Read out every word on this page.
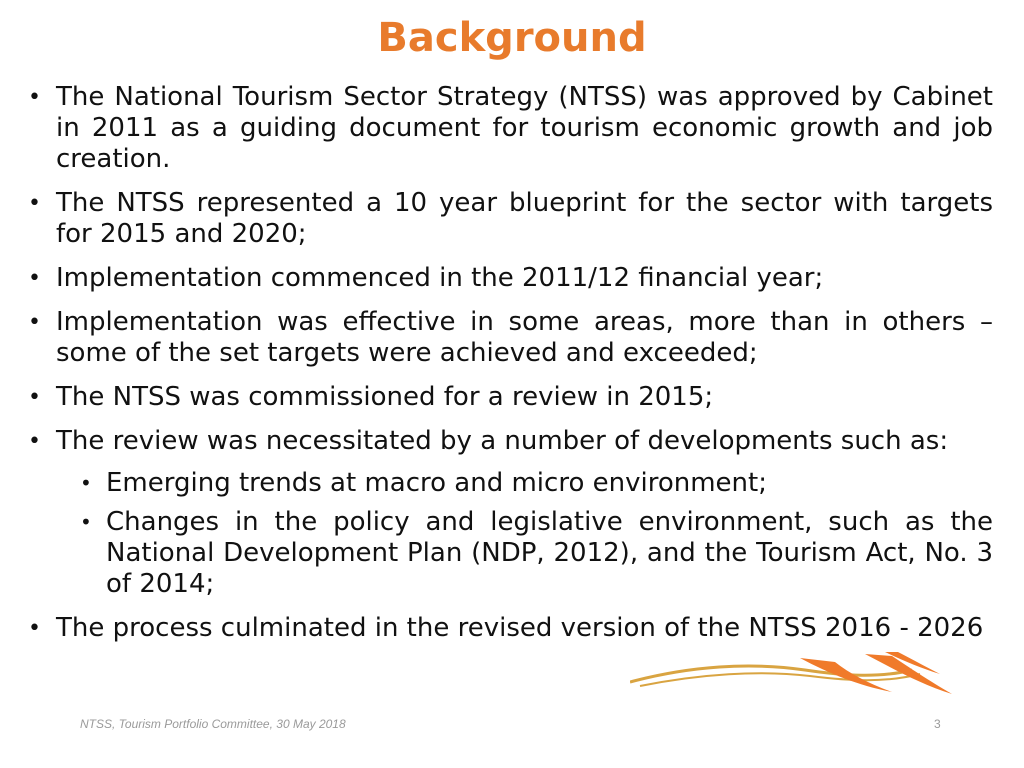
Background
• The National Tourism Sector Strategy (NTSS) was approved by Cabinet in 2011 as a guiding document for tourism economic growth and job creation.
• The NTSS represented a 10 year blueprint for the sector with targets for 2015 and 2020;
• Implementation commenced in the 2011/12 financial year;
• Implementation was effective in some areas, more than in others – some of the set targets were achieved and exceeded;
• The NTSS was commissioned for a review in 2015;
• The review was necessitated by a number of developments such as:
• Emerging trends at macro and micro environment;
• Changes in the policy and legislative environment, such as the National Development Plan (NDP, 2012), and the Tourism Act, No. 3 of 2014;
• The process culminated in the revised version of the NTSS 2016 - 2026
NTSS, Tourism Portfolio Committee, 30 May 2018	3
